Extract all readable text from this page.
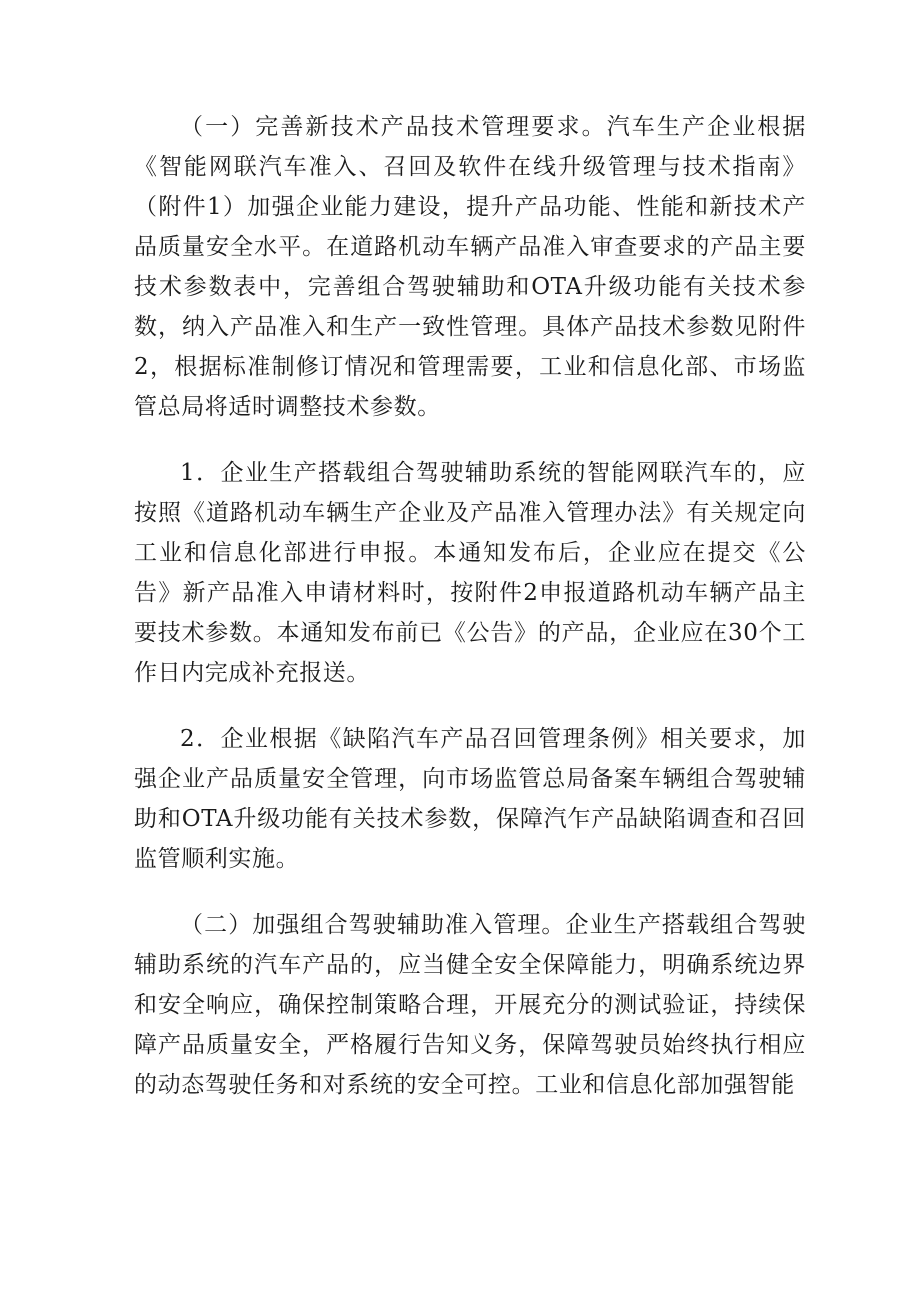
（一）完善新技术产品技术管理要求。汽车生产企业根据《智能网联汽车准入、召回及软件在线升级管理与技术指南》（附件1）加强企业能力建设，提升产品功能、性能和新技术产品质量安全水平。在道路机动车辆产品准入审查要求的产品主要技术参数表中，完善组合驾驶辅助和OTA升级功能有关技术参数，纳入产品准入和生产一致性管理。具体产品技术参数见附件2，根据标准制修订情况和管理需要，工业和信息化部、市场监管总局将适时调整技术参数。

1．企业生产搭载组合驾驶辅助系统的智能网联汽车的，应按照《道路机动车辆生产企业及产品准入管理办法》有关规定向工业和信息化部进行申报。本通知发布后，企业应在提交《公告》新产品准入申请材料时，按附件2申报道路机动车辆产品主要技术参数。本通知发布前已《公告》的产品，企业应在30个工作日内完成补充报送。

2．企业根据《缺陷汽车产品召回管理条例》相关要求，加强企业产品质量安全管理，向市场监管总局备案车辆组合驾驶辅助和OTA升级功能有关技术参数，保障汽乍产品缺陷调查和召回监管顺利实施。

（二）加强组合驾驶辅助准入管理。企业生产搭载组合驾驶辅助系统的汽车产品的，应当健全安全保障能力，明确系统边界和安全响应，确保控制策略合理，开展充分的测试验证，持续保障产品质量安全，严格履行告知义务，保障驾驶员始终执行相应的动态驾驶任务和对系统的安全可控。工业和信息化部加强智能
